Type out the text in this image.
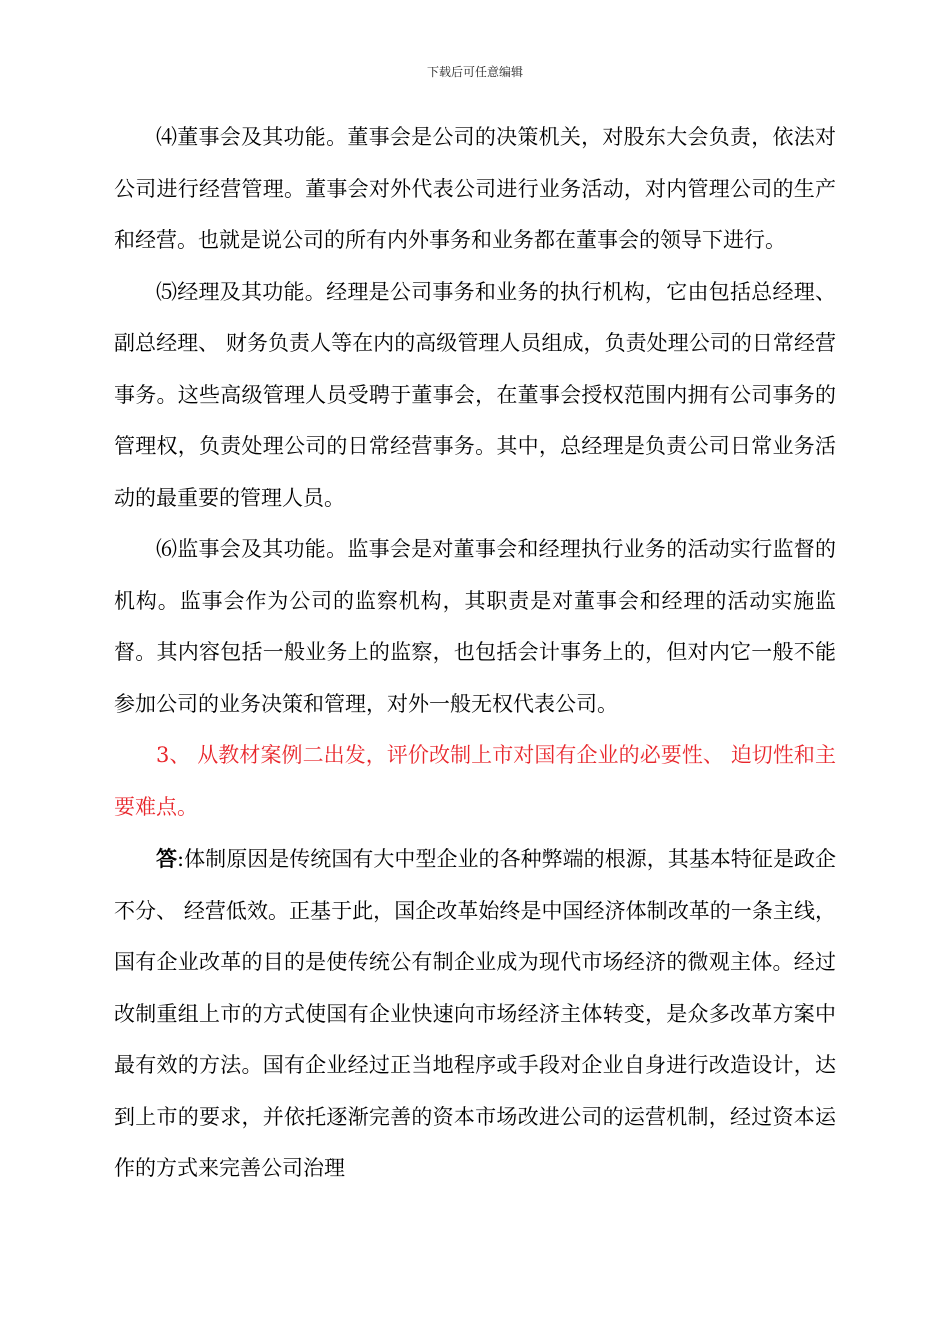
下载后可任意编辑

⑷董事会及其功能。董事会是公司的决策机关，对股东大会负责，依法对公司进行经营管理。董事会对外代表公司进行业务活动，对内管理公司的生产和经营。也就是说公司的所有内外事务和业务都在董事会的领导下进行。

⑸经理及其功能。经理是公司事务和业务的执行机构，它由包括总经理、 副总经理、 财务负责人等在内的高级管理人员组成，负责处理公司的日常经营事务。这些高级管理人员受聘于董事会，在董事会授权范围内拥有公司事务的管理权，负责处理公司的日常经营事务。其中，总经理是负责公司日常业务活动的最重要的管理人员。

⑹监事会及其功能。监事会是对董事会和经理执行业务的活动实行监督的机构。监事会作为公司的监察机构，其职责是对董事会和经理的活动实施监督。其内容包括一般业务上的监察，也包括会计事务上的，但对内它一般不能参加公司的业务决策和管理，对外一般无权代表公司。

3、 从教材案例二出发，评价改制上市对国有企业的必要性、 迫切性和主要难点。

答:体制原因是传统国有大中型企业的各种弊端的根源，其基本特征是政企不分、 经营低效。正基于此，国企改革始终是中国经济体制改革的一条主线，国有企业改革的目的是使传统公有制企业成为现代市场经济的微观主体。经过改制重组上市的方式使国有企业快速向市场经济主体转变，是众多改革方案中最有效的方法。国有企业经过正当地程序或手段对企业自身进行改造设计，达到上市的要求，并依托逐渐完善的资本市场改进公司的运营机制，经过资本运作的方式来完善公司治理
